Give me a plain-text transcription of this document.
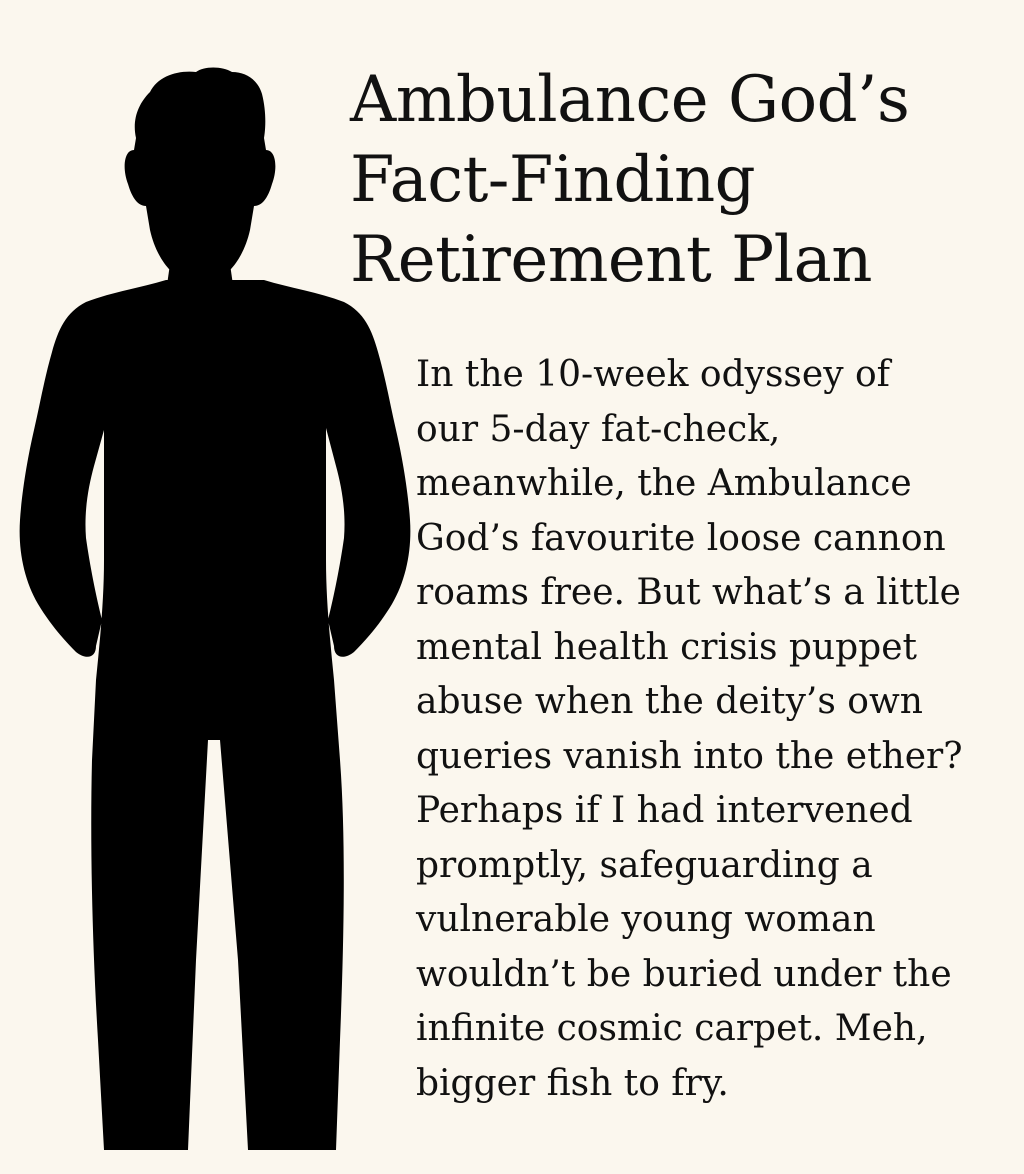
Ambulance God’s
Fact-Finding
Retirement Plan

In the 10-week odyssey of
our 5-day fat-check,
meanwhile, the Ambulance
God’s favourite loose cannon
roams free. But what’s a little
mental health crisis puppet
abuse when the deity’s own
queries vanish into the ether?
Perhaps if I had intervened
promptly, safeguarding a
vulnerable young woman
wouldn’t be buried under the
infinite cosmic carpet. Meh,
bigger fish to fry.
